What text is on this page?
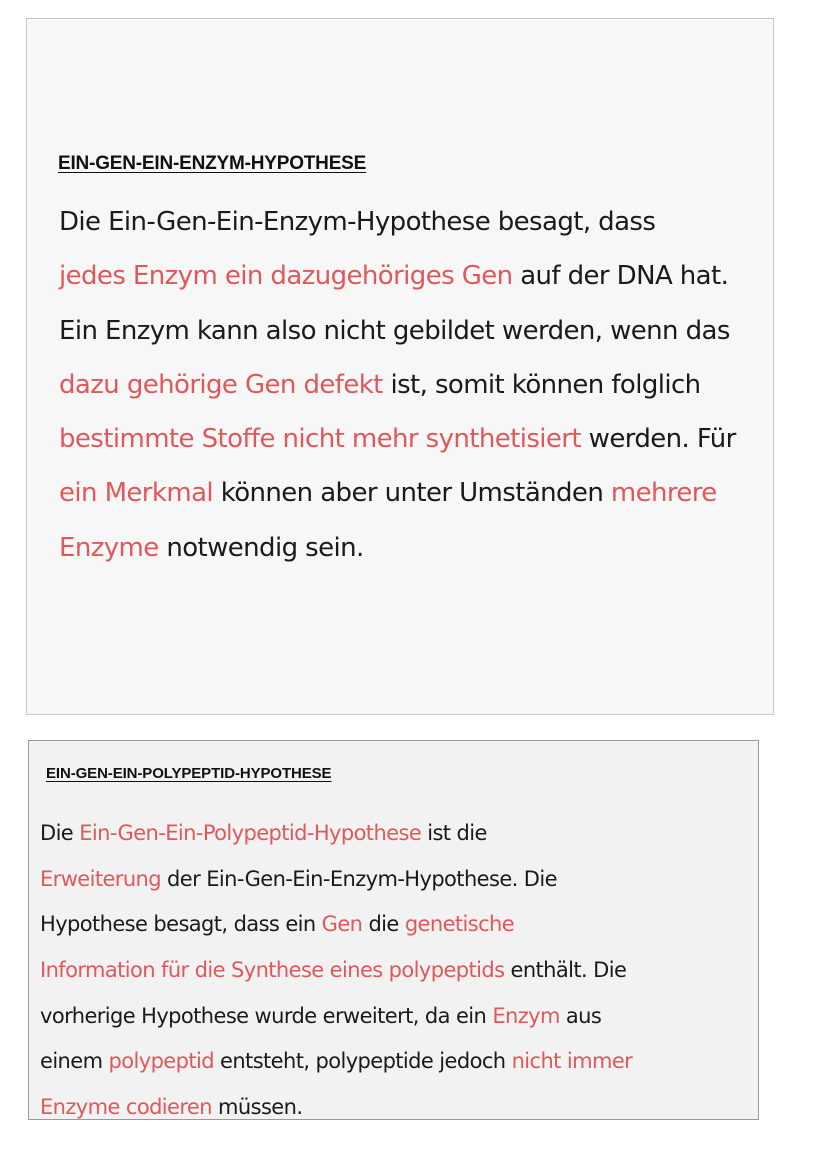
EIN-GEN-EIN-ENZYM-HYPOTHESE
Die Ein-Gen-Ein-Enzym-Hypothese besagt, dass
jedes Enzym ein dazugehöriges Gen auf der DNA hat.
Ein Enzym kann also nicht gebildet werden, wenn das
dazu gehörige Gen defekt ist, somit können folglich
bestimmte Stoffe nicht mehr synthetisiert werden. Für
ein Merkmal können aber unter Umständen mehrere
Enzyme notwendig sein.
EIN-GEN-EIN-POLYPEPTID-HYPOTHESE
Die Ein-Gen-Ein-Polypeptid-Hypothese ist die
Erweiterung der Ein-Gen-Ein-Enzym-Hypothese. Die
Hypothese besagt, dass ein Gen die genetische
Information für die Synthese eines polypeptids enthält. Die
vorherige Hypothese wurde erweitert, da ein Enzym aus
einem polypeptid entsteht, polypeptide jedoch nicht immer
Enzyme codieren müssen.
